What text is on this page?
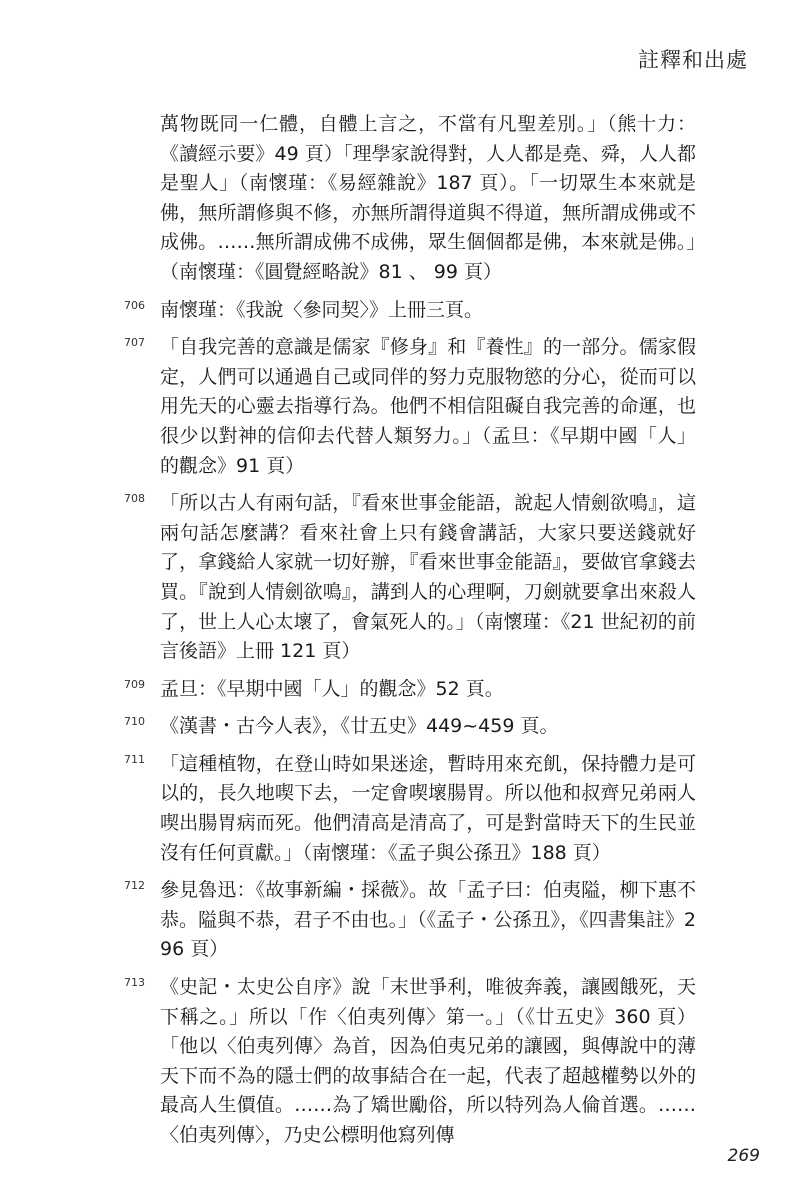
註釋和出處

萬物既同一仁體，自體上言之，不當有凡聖差別。」（熊十力：《讀經示要》49 頁）「理學家說得對，人人都是堯、舜，人人都是聖人」（南懷瑾：《易經雜說》187 頁）。「一切眾生本來就是佛，無所謂修與不修，亦無所謂得道與不得道，無所謂成佛或不成佛。……無所謂成佛不成佛，眾生個個都是佛，本來就是佛。」（南懷瑾：《圓覺經略說》81 、 99 頁）

706 南懷瑾：《我說〈參同契〉》上冊三頁。

707 「自我完善的意識是儒家『修身』和『養性』的一部分。儒家假定，人們可以通過自己或同伴的努力克服物慾的分心，從而可以用先天的心靈去指導行為。他們不相信阻礙自我完善的命運，也很少以對神的信仰去代替人類努力。」（孟旦：《早期中國「人」的觀念》91 頁）

708 「所以古人有兩句話，『看來世事金能語，說起人情劍欲鳴』，這兩句話怎麼講？看來社會上只有錢會講話，大家只要送錢就好了，拿錢給人家就一切好辦，『看來世事金能語』，要做官拿錢去買。『說到人情劍欲鳴』，講到人的心理啊，刀劍就要拿出來殺人了，世上人心太壞了，會氣死人的。」（南懷瑾：《21 世紀初的前言後語》上冊 121 頁）

709 孟旦：《早期中國「人」的觀念》52 頁。

710 《漢書・古今人表》，《廿五史》449~459 頁。

711 「這種植物，在登山時如果迷途，暫時用來充飢，保持體力是可以的，長久地喫下去，一定會喫壞腸胃。所以他和叔齊兄弟兩人喫出腸胃病而死。他們清高是清高了，可是對當時天下的生民並沒有任何貢獻。」（南懷瑾：《孟子與公孫丑》188 頁）

712 參見魯迅：《故事新編・採薇》。故「孟子曰：伯夷隘，柳下惠不恭。隘與不恭，君子不由也。」（《孟子・公孫丑》，《四書集註》296 頁）

713 《史記・太史公自序》說「末世爭利，唯彼奔義，讓國餓死，天下稱之。」所以「作〈伯夷列傳〉第一。」（《廿五史》360 頁）「他以〈伯夷列傳〉為首，因為伯夷兄弟的讓國，與傳說中的薄天下而不為的隱士們的故事結合在一起，代表了超越權勢以外的最高人生價值。……為了矯世勵俗，所以特列為人倫首選。……〈伯夷列傳〉，乃史公標明他寫列傳

269
